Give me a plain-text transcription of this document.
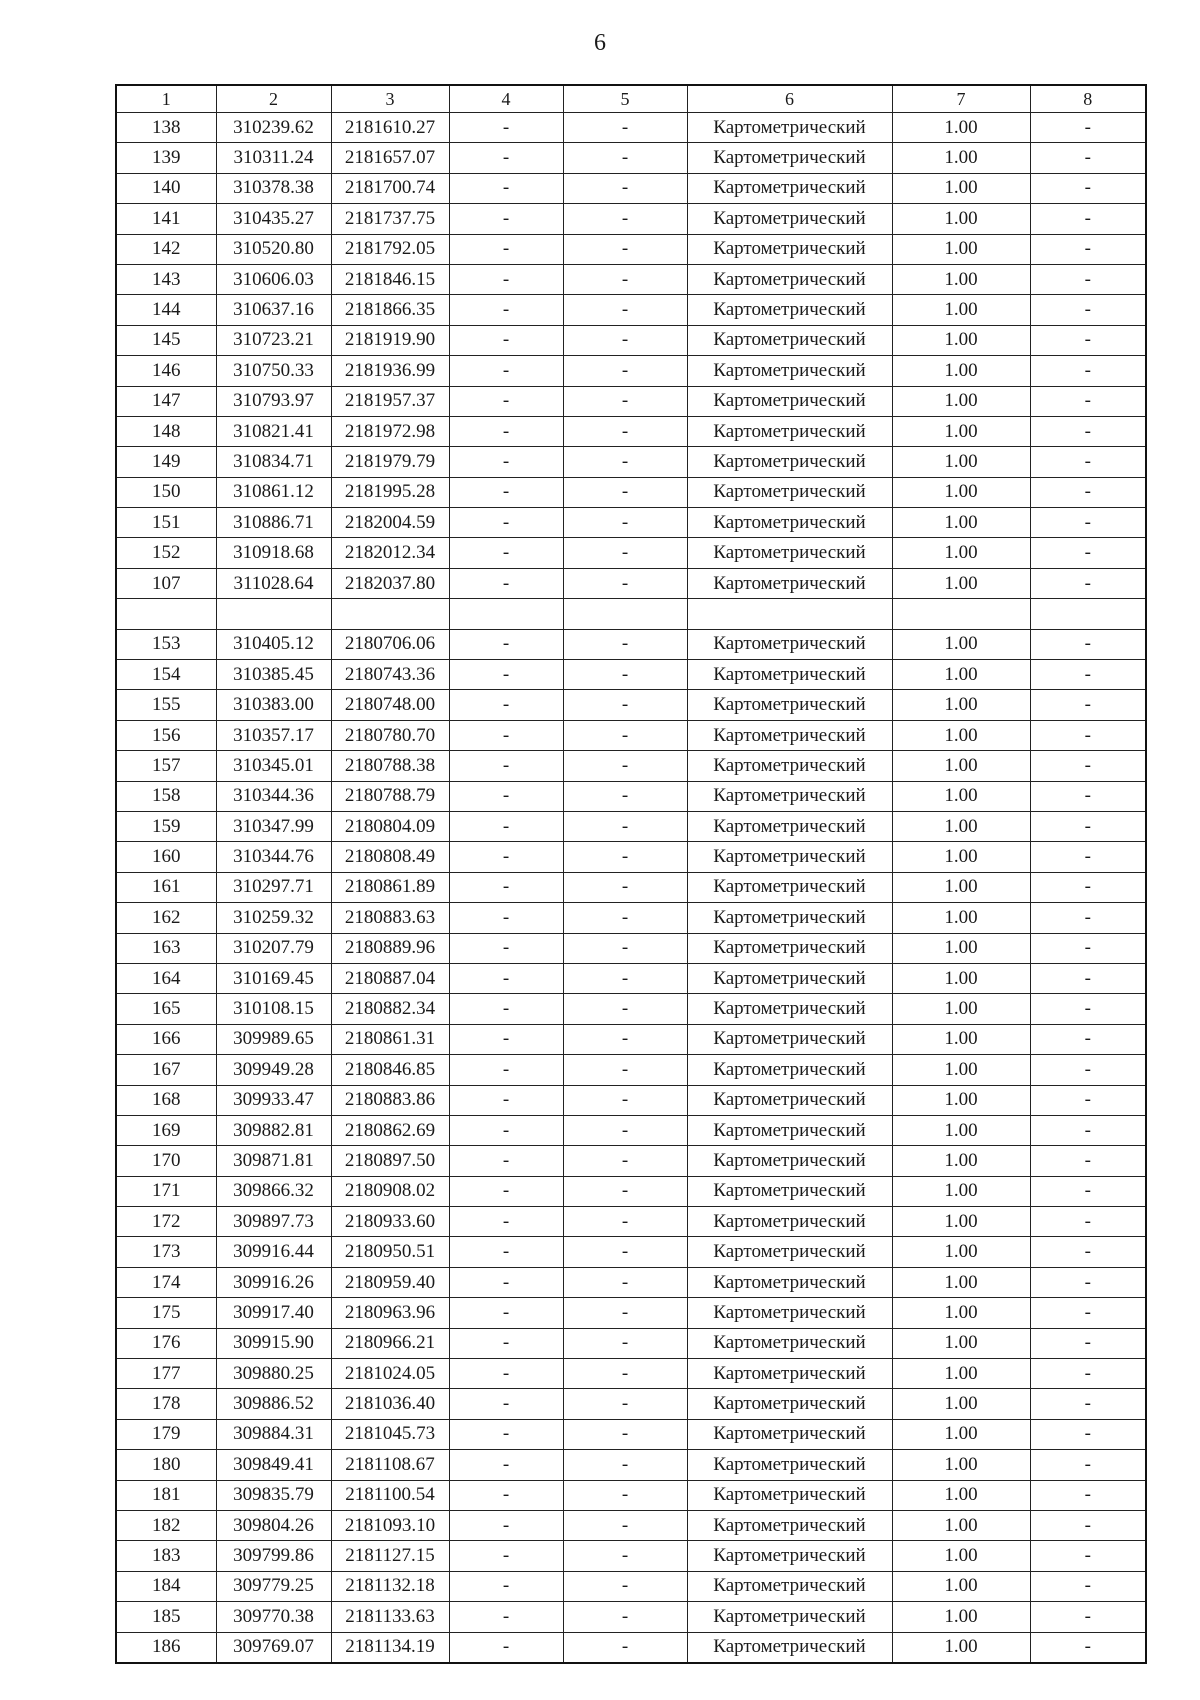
6
1	2	3	4	5	6	7	8
138	310239.62	2181610.27	-	-	Картометрический	1.00	-
139	310311.24	2181657.07	-	-	Картометрический	1.00	-
140	310378.38	2181700.74	-	-	Картометрический	1.00	-
141	310435.27	2181737.75	-	-	Картометрический	1.00	-
142	310520.80	2181792.05	-	-	Картометрический	1.00	-
143	310606.03	2181846.15	-	-	Картометрический	1.00	-
144	310637.16	2181866.35	-	-	Картометрический	1.00	-
145	310723.21	2181919.90	-	-	Картометрический	1.00	-
146	310750.33	2181936.99	-	-	Картометрический	1.00	-
147	310793.97	2181957.37	-	-	Картометрический	1.00	-
148	310821.41	2181972.98	-	-	Картометрический	1.00	-
149	310834.71	2181979.79	-	-	Картометрический	1.00	-
150	310861.12	2181995.28	-	-	Картометрический	1.00	-
151	310886.71	2182004.59	-	-	Картометрический	1.00	-
152	310918.68	2182012.34	-	-	Картометрический	1.00	-
107	311028.64	2182037.80	-	-	Картометрический	1.00	-

153	310405.12	2180706.06	-	-	Картометрический	1.00	-
154	310385.45	2180743.36	-	-	Картометрический	1.00	-
155	310383.00	2180748.00	-	-	Картометрический	1.00	-
156	310357.17	2180780.70	-	-	Картометрический	1.00	-
157	310345.01	2180788.38	-	-	Картометрический	1.00	-
158	310344.36	2180788.79	-	-	Картометрический	1.00	-
159	310347.99	2180804.09	-	-	Картометрический	1.00	-
160	310344.76	2180808.49	-	-	Картометрический	1.00	-
161	310297.71	2180861.89	-	-	Картометрический	1.00	-
162	310259.32	2180883.63	-	-	Картометрический	1.00	-
163	310207.79	2180889.96	-	-	Картометрический	1.00	-
164	310169.45	2180887.04	-	-	Картометрический	1.00	-
165	310108.15	2180882.34	-	-	Картометрический	1.00	-
166	309989.65	2180861.31	-	-	Картометрический	1.00	-
167	309949.28	2180846.85	-	-	Картометрический	1.00	-
168	309933.47	2180883.86	-	-	Картометрический	1.00	-
169	309882.81	2180862.69	-	-	Картометрический	1.00	-
170	309871.81	2180897.50	-	-	Картометрический	1.00	-
171	309866.32	2180908.02	-	-	Картометрический	1.00	-
172	309897.73	2180933.60	-	-	Картометрический	1.00	-
173	309916.44	2180950.51	-	-	Картометрический	1.00	-
174	309916.26	2180959.40	-	-	Картометрический	1.00	-
175	309917.40	2180963.96	-	-	Картометрический	1.00	-
176	309915.90	2180966.21	-	-	Картометрический	1.00	-
177	309880.25	2181024.05	-	-	Картометрический	1.00	-
178	309886.52	2181036.40	-	-	Картометрический	1.00	-
179	309884.31	2181045.73	-	-	Картометрический	1.00	-
180	309849.41	2181108.67	-	-	Картометрический	1.00	-
181	309835.79	2181100.54	-	-	Картометрический	1.00	-
182	309804.26	2181093.10	-	-	Картометрический	1.00	-
183	309799.86	2181127.15	-	-	Картометрический	1.00	-
184	309779.25	2181132.18	-	-	Картометрический	1.00	-
185	309770.38	2181133.63	-	-	Картометрический	1.00	-
186	309769.07	2181134.19	-	-	Картометрический	1.00	-
